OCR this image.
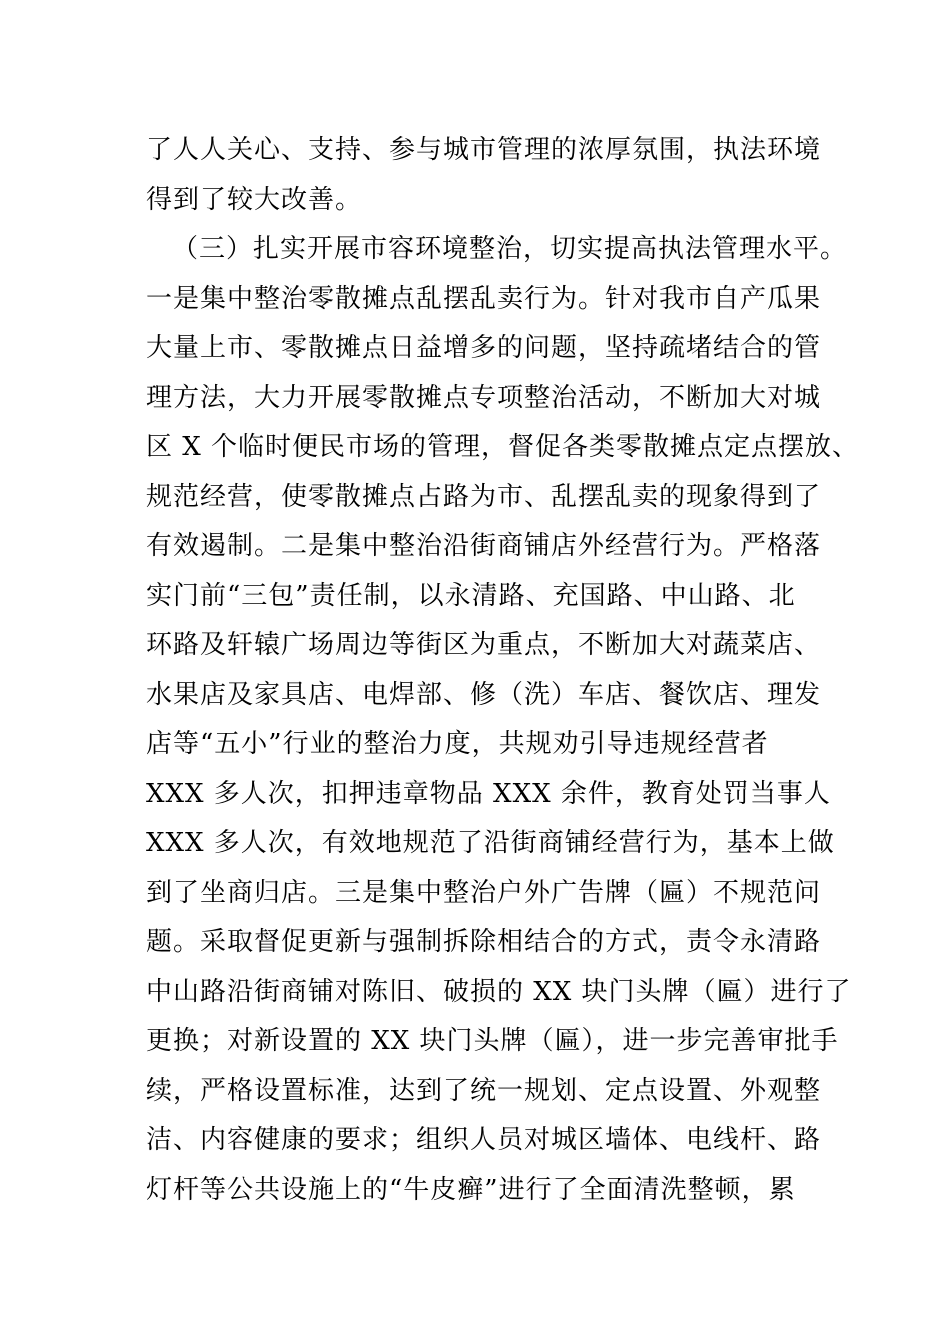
了人人关心、支持、参与城市管理的浓厚氛围，执法环境
得到了较大改善。
（三）扎实开展市容环境整治，切实提高执法管理水平。
一是集中整治零散摊点乱摆乱卖行为。针对我市自产瓜果
大量上市、零散摊点日益增多的问题，坚持疏堵结合的管
理方法，大力开展零散摊点专项整治活动，不断加大对城
区 X 个临时便民市场的管理，督促各类零散摊点定点摆放、
规范经营，使零散摊点占路为市、乱摆乱卖的现象得到了
有效遏制。二是集中整治沿街商铺店外经营行为。严格落
实门前“三包”责任制，以永清路、充国路、中山路、北
环路及轩辕广场周边等街区为重点，不断加大对蔬菜店、
水果店及家具店、电焊部、修（洗）车店、餐饮店、理发
店等“五小”行业的整治力度，共规劝引导违规经营者
XXX 多人次，扣押违章物品 XXX 余件，教育处罚当事人
XXX 多人次，有效地规范了沿街商铺经营行为，基本上做
到了坐商归店。三是集中整治户外广告牌（匾）不规范问
题。采取督促更新与强制拆除相结合的方式，责令永清路
中山路沿街商铺对陈旧、破损的 XX 块门头牌（匾）进行了
更换；对新设置的 XX 块门头牌（匾），进一步完善审批手
续，严格设置标准，达到了统一规划、定点设置、外观整
洁、内容健康的要求；组织人员对城区墙体、电线杆、路
灯杆等公共设施上的“牛皮癣”进行了全面清洗整顿，累
